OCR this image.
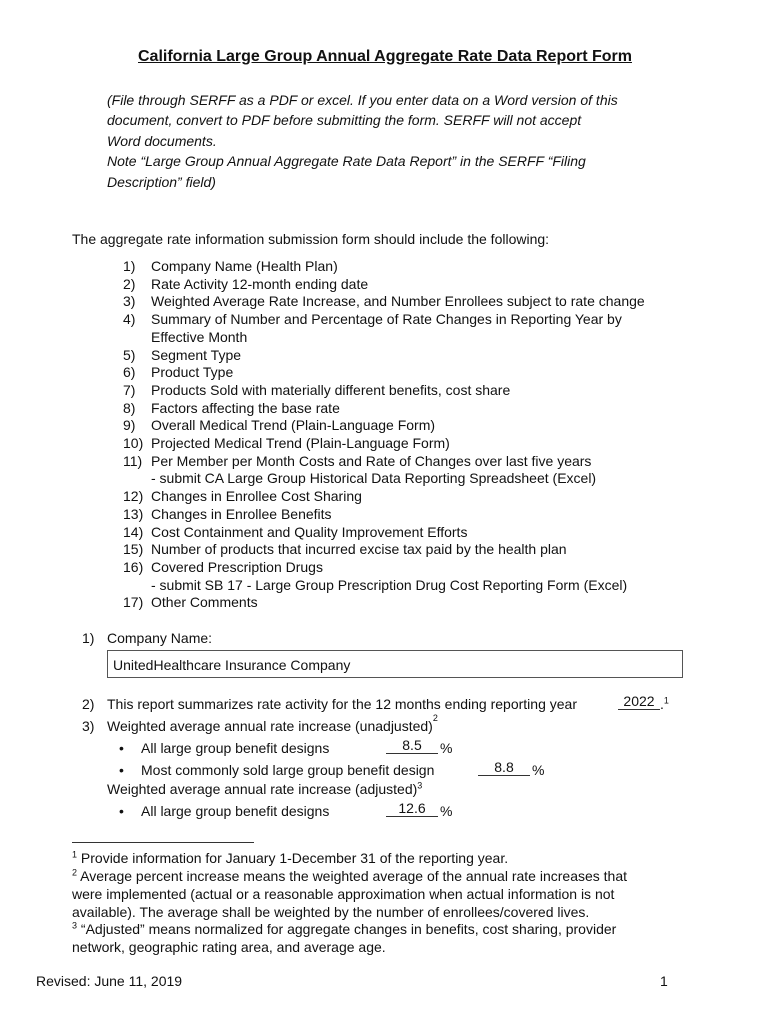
California Large Group Annual Aggregate Rate Data Report Form
(File through SERFF as a PDF or excel. If you enter data on a Word version of this
document, convert to PDF before submitting the form. SERFF will not accept
Word documents.
Note “Large Group Annual Aggregate Rate Data Report” in the SERFF “Filing
Description” field)
The aggregate rate information submission form should include the following:
1)	Company Name (Health Plan)
2)	Rate Activity 12-month ending date
3)	Weighted Average Rate Increase, and Number Enrollees subject to rate change
4)	Summary of Number and Percentage of Rate Changes in Reporting Year by
Effective Month
5)	Segment Type
6)	Product Type
7)	Products Sold with materially different benefits, cost share
8)	Factors affecting the base rate
9)	Overall Medical Trend (Plain-Language Form)
10) Projected Medical Trend (Plain-Language Form)
11) Per Member per Month Costs and Rate of Changes over last five years
- submit CA Large Group Historical Data Reporting Spreadsheet (Excel)
12) Changes in Enrollee Cost Sharing
13) Changes in Enrollee Benefits
14) Cost Containment and Quality Improvement Efforts
15) Number of products that incurred excise tax paid by the health plan
16) Covered Prescription Drugs
- submit SB 17 - Large Group Prescription Drug Cost Reporting Form (Excel)
17) Other Comments
1) Company Name:
UnitedHealthcare Insurance Company
2) This report summarizes rate activity for the 12 months ending reporting year	2022 .$^1$
3) Weighted average annual rate increase (unadjusted) 2
• All large group benefit designs	8.5	%
• Most commonly sold large group benefit design	8.8	%
Weighted average annual rate increase (adjusted)$^3$
• All large group benefit designs	12.6	%
$^1$ Provide information for January 1-December 31 of the reporting year.
$^2$ Average percent increase means the weighted average of the annual rate increases that
were implemented (actual or a reasonable approximation when actual information is not
available). The average shall be weighted by the number of enrollees/covered lives.
$^3$ “Adjusted” means normalized for aggregate changes in benefits, cost sharing, provider
network, geographic rating area, and average age.
Revised: June 11, 2019	1
